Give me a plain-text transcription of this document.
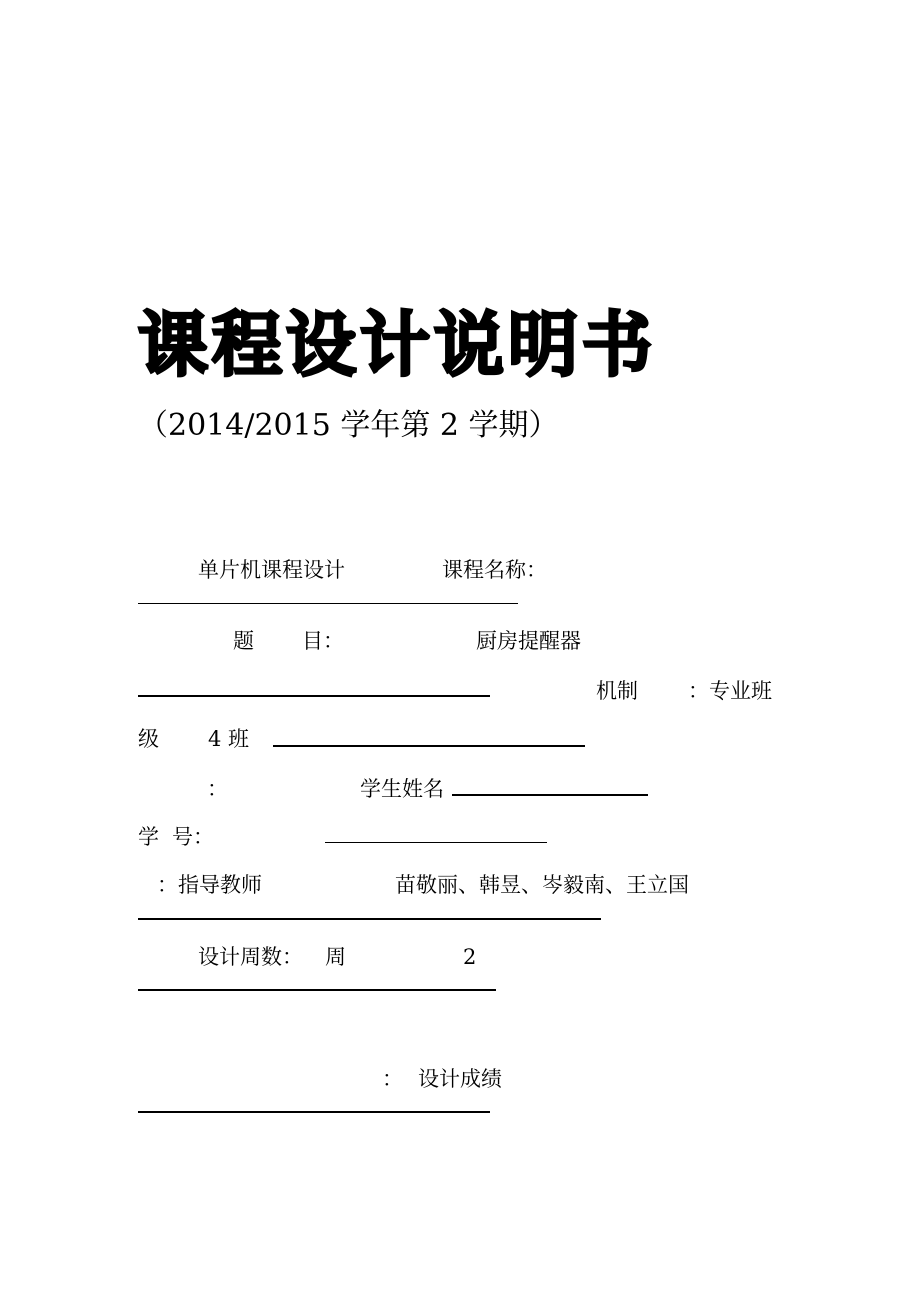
课程设计说明书
（2014/2015 学年第 2 学期）
单片机课程设计	课程名称：
题 目：	厨房提醒器
机制 ：专业班
级 4 班
：	学生姓名
学 号：
：指导教师	苗敬丽、韩昱、岑毅南、王立国
设计周数： 周	2
： 设计成绩
